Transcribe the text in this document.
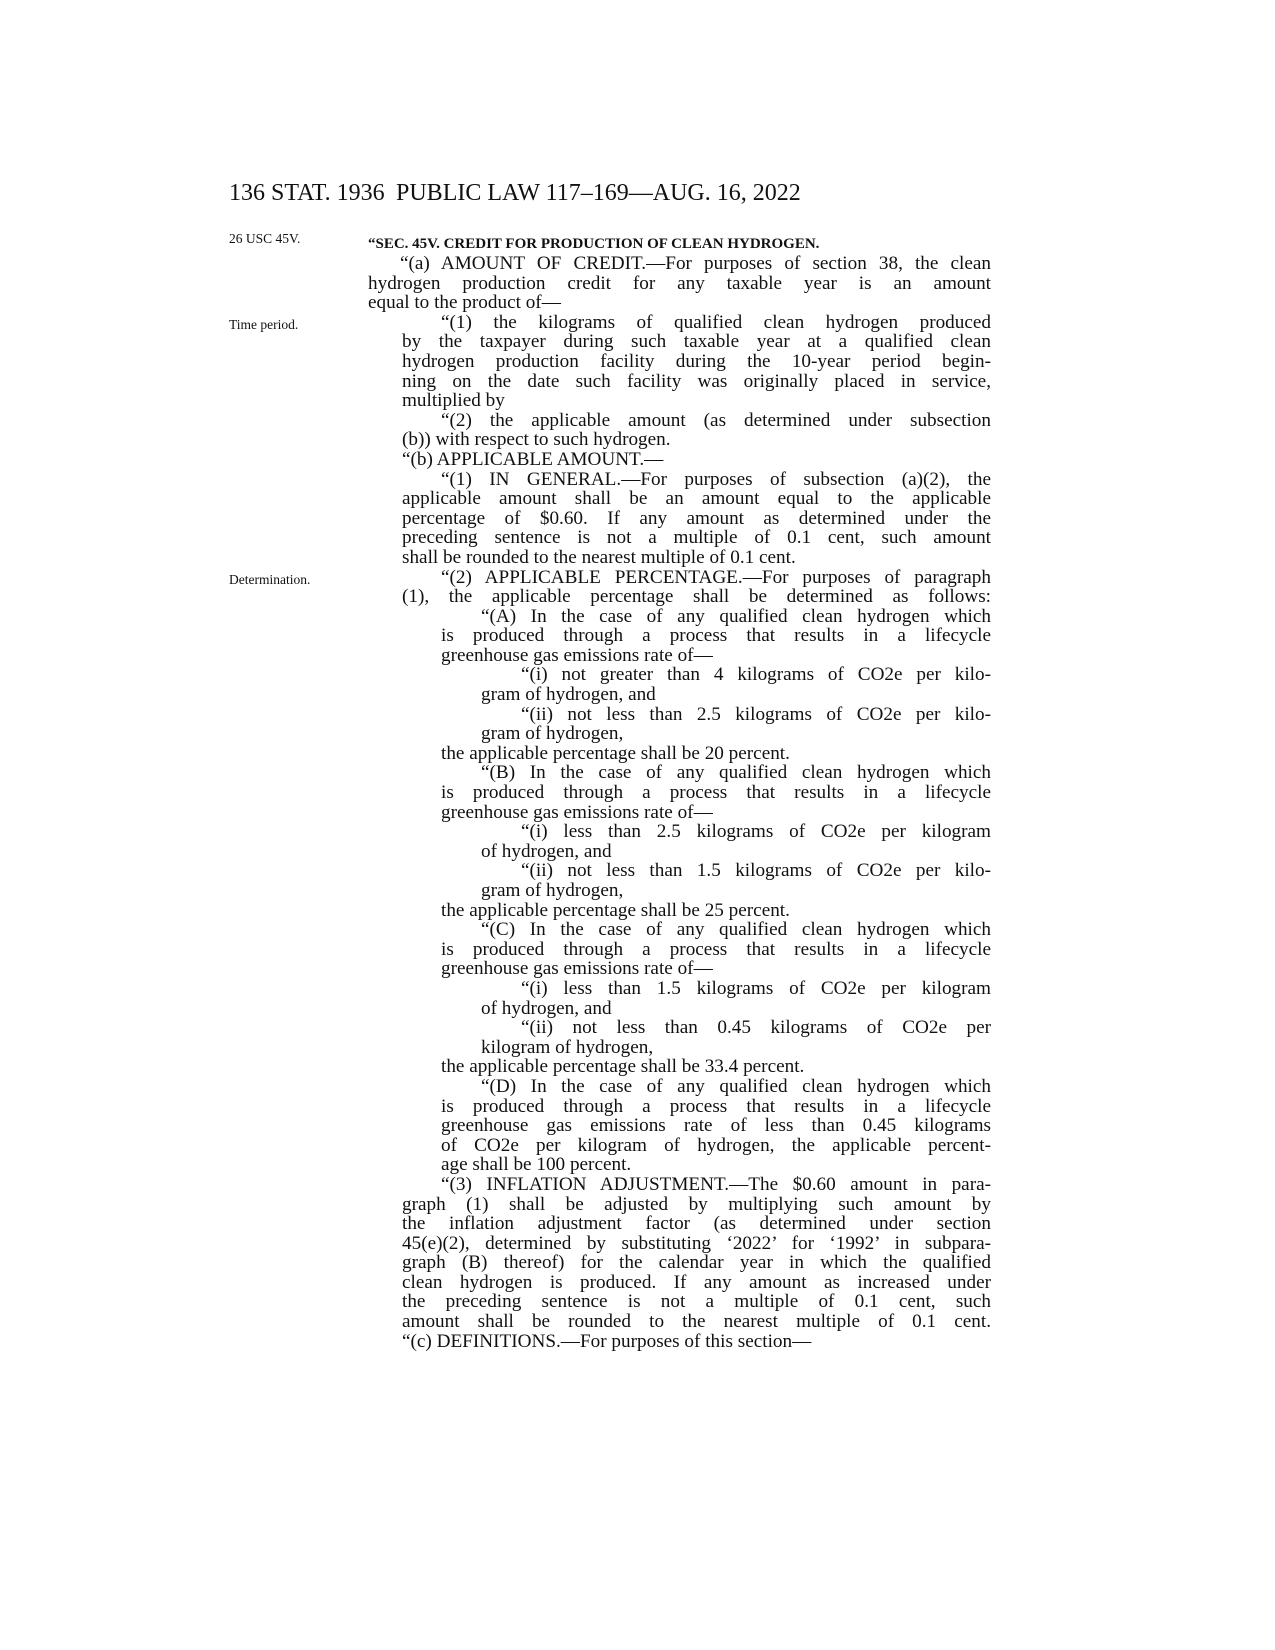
136 STAT. 1936 PUBLIC LAW 117–169—AUG. 16, 2022
26 USC 45V.
Time period.
Determination.
“SEC. 45V. CREDIT FOR PRODUCTION OF CLEAN HYDROGEN.
“(a) AMOUNT OF CREDIT.—For purposes of section 38, the clean
hydrogen production credit for any taxable year is an amount
equal to the product of—
“(1) the kilograms of qualified clean hydrogen produced
by the taxpayer during such taxable year at a qualified clean
hydrogen production facility during the 10-year period begin-
ning on the date such facility was originally placed in service,
multiplied by
“(2) the applicable amount (as determined under subsection
(b)) with respect to such hydrogen.
“(b) APPLICABLE AMOUNT.—
“(1) IN GENERAL.—For purposes of subsection (a)(2), the
applicable amount shall be an amount equal to the applicable
percentage of $0.60. If any amount as determined under the
preceding sentence is not a multiple of 0.1 cent, such amount
shall be rounded to the nearest multiple of 0.1 cent.
“(2) APPLICABLE PERCENTAGE.—For purposes of paragraph
(1), the applicable percentage shall be determined as follows:
“(A) In the case of any qualified clean hydrogen which
is produced through a process that results in a lifecycle
greenhouse gas emissions rate of—
“(i) not greater than 4 kilograms of CO2e per kilo-
gram of hydrogen, and
“(ii) not less than 2.5 kilograms of CO2e per kilo-
gram of hydrogen,
the applicable percentage shall be 20 percent.
“(B) In the case of any qualified clean hydrogen which
is produced through a process that results in a lifecycle
greenhouse gas emissions rate of—
“(i) less than 2.5 kilograms of CO2e per kilogram
of hydrogen, and
“(ii) not less than 1.5 kilograms of CO2e per kilo-
gram of hydrogen,
the applicable percentage shall be 25 percent.
“(C) In the case of any qualified clean hydrogen which
is produced through a process that results in a lifecycle
greenhouse gas emissions rate of—
“(i) less than 1.5 kilograms of CO2e per kilogram
of hydrogen, and
“(ii) not less than 0.45 kilograms of CO2e per
kilogram of hydrogen,
the applicable percentage shall be 33.4 percent.
“(D) In the case of any qualified clean hydrogen which
is produced through a process that results in a lifecycle
greenhouse gas emissions rate of less than 0.45 kilograms
of CO2e per kilogram of hydrogen, the applicable percent-
age shall be 100 percent.
“(3) INFLATION ADJUSTMENT.—The $0.60 amount in para-
graph (1) shall be adjusted by multiplying such amount by
the inflation adjustment factor (as determined under section
45(e)(2), determined by substituting ‘2022’ for ‘1992’ in subpara-
graph (B) thereof) for the calendar year in which the qualified
clean hydrogen is produced. If any amount as increased under
the preceding sentence is not a multiple of 0.1 cent, such
amount shall be rounded to the nearest multiple of 0.1 cent.
“(c) DEFINITIONS.—For purposes of this section—
